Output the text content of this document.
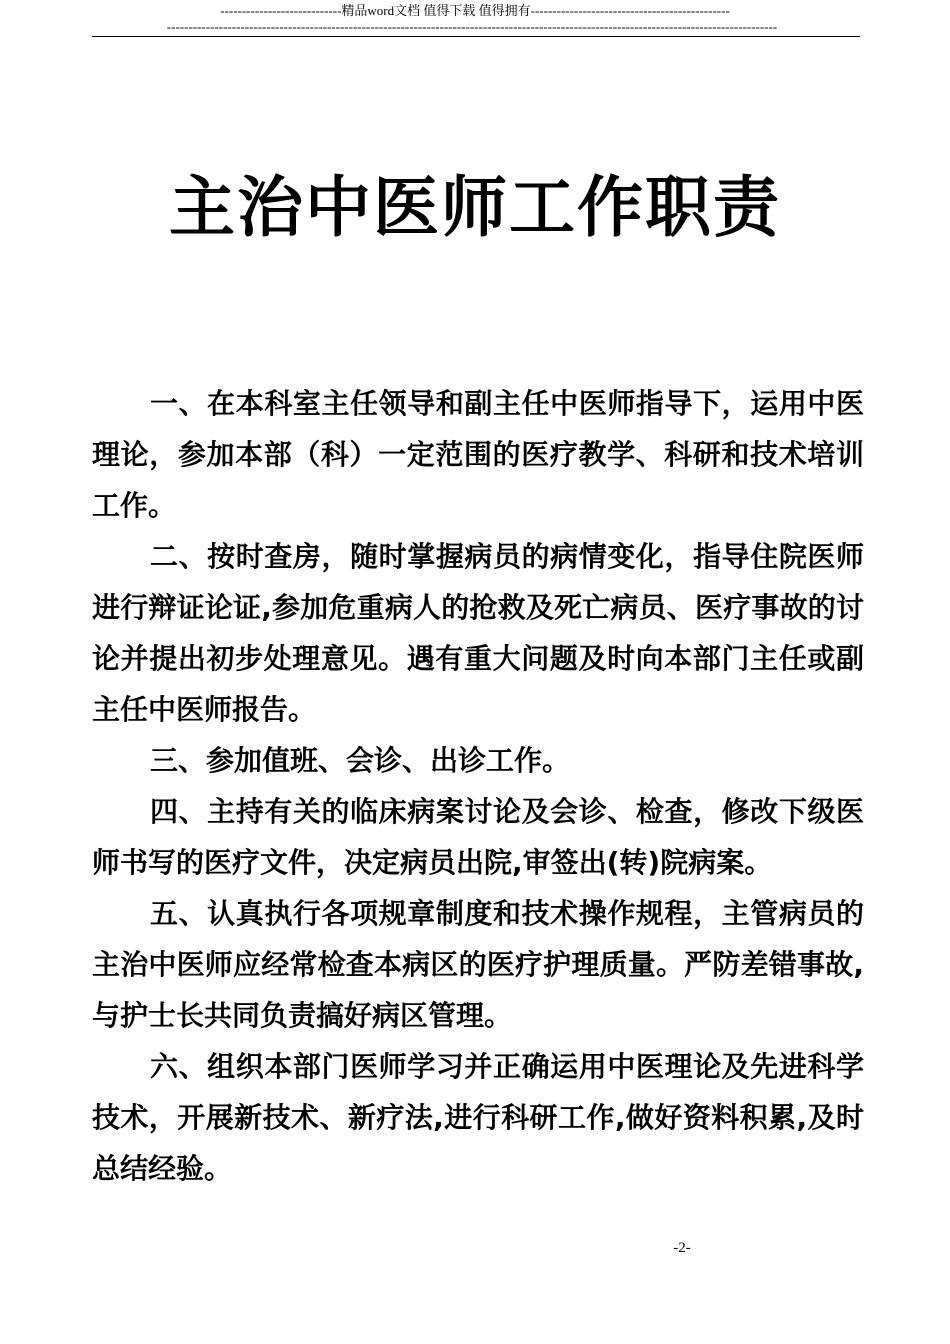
----------------------------精品word文档 值得下载 值得拥有----------------------------------------------
---------------------------------------------------------------------------------------------------------------------------------------------
主治中医师工作职责

一、在本科室主任领导和副主任中医师指导下，运用中医理论，参加本部（科）一定范围的医疗教学、科研和技术培训工作。

二、按时查房，随时掌握病员的病情变化，指导住院医师进行辩证论证,参加危重病人的抢救及死亡病员、医疗事故的讨论并提出初步处理意见。遇有重大问题及时向本部门主任或副主任中医师报告。

三、参加值班、会诊、出诊工作。

四、主持有关的临床病案讨论及会诊、检查，修改下级医师书写的医疗文件，决定病员出院,审签出(转)院病案。

五、认真执行各项规章制度和技术操作规程，主管病员的主治中医师应经常检查本病区的医疗护理质量。严防差错事故,与护士长共同负责搞好病区管理。

六、组织本部门医师学习并正确运用中医理论及先进科学技术，开展新技术、新疗法,进行科研工作,做好资料积累,及时总结经验。

-2-
